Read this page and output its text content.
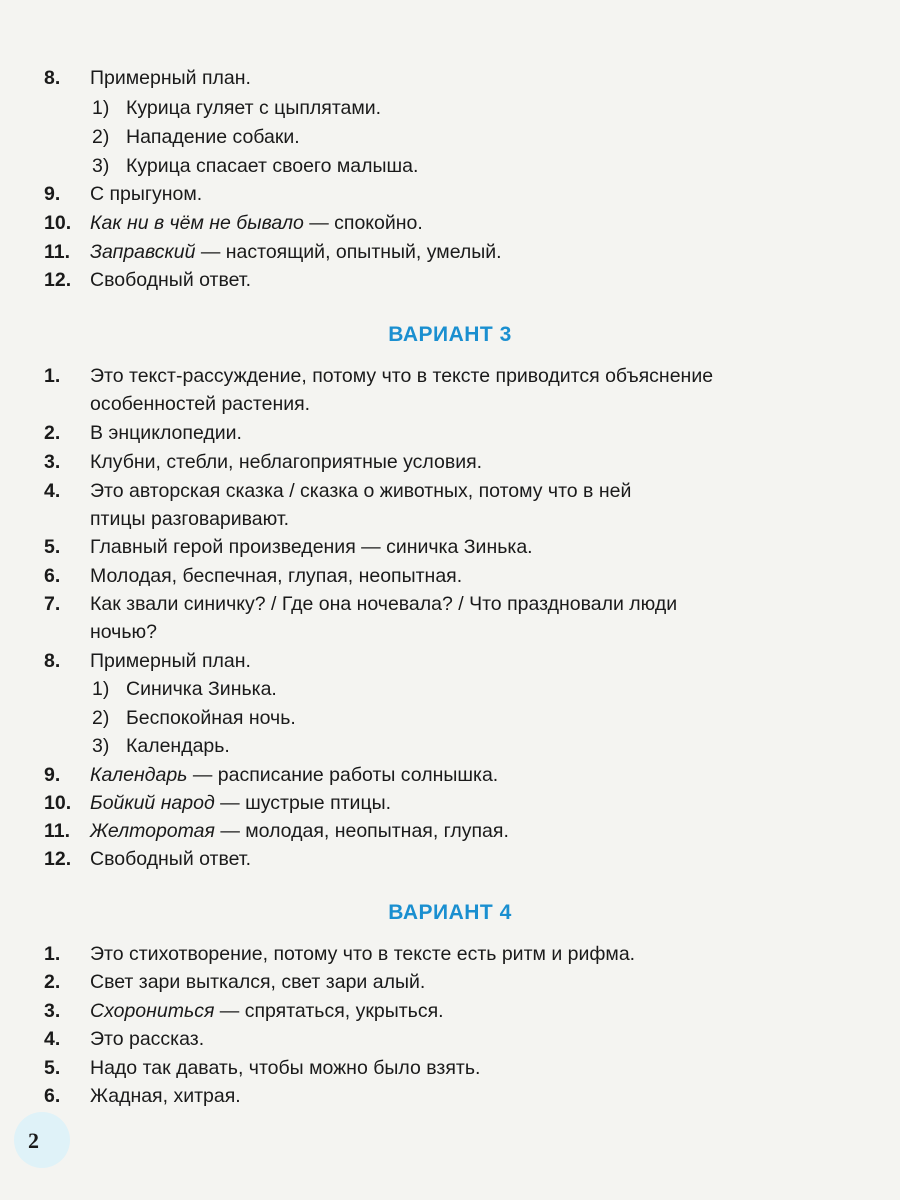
8. Примерный план.
1) Курица гуляет с цыплятами.
2) Нападение собаки.
3) Курица спасает своего малыша.
9. С прыгуном.
10. Как ни в чём не бывало — спокойно.
11. Заправский — настоящий, опытный, умелый.
12. Свободный ответ.
ВАРИАНТ 3
1. Это текст-рассуждение, потому что в тексте приводится объяснение
особенностей растения.
2. В энциклопедии.
3. Клубни, стебли, неблагоприятные условия.
4. Это авторская сказка / сказка о животных, потому что в ней
птицы разговаривают.
5. Главный герой произведения — синичка Зинька.
6. Молодая, беспечная, глупая, неопытная.
7. Как звали синичку? / Где она ночевала? / Что праздновали люди
ночью?
8. Примерный план.
1) Синичка Зинька.
2) Беспокойная ночь.
3) Календарь.
9. Календарь — расписание работы солнышка.
10. Бойкий народ — шустрые птицы.
11. Желторотая — молодая, неопытная, глупая.
12. Свободный ответ.
ВАРИАНТ 4
1. Это стихотворение, потому что в тексте есть ритм и рифма.
2. Свет зари выткался, свет зари алый.
3. Схорониться — спрятаться, укрыться.
4. Это рассказ.
5. Надо так давать, чтобы можно было взять.
6. Жадная, хитрая.
2
